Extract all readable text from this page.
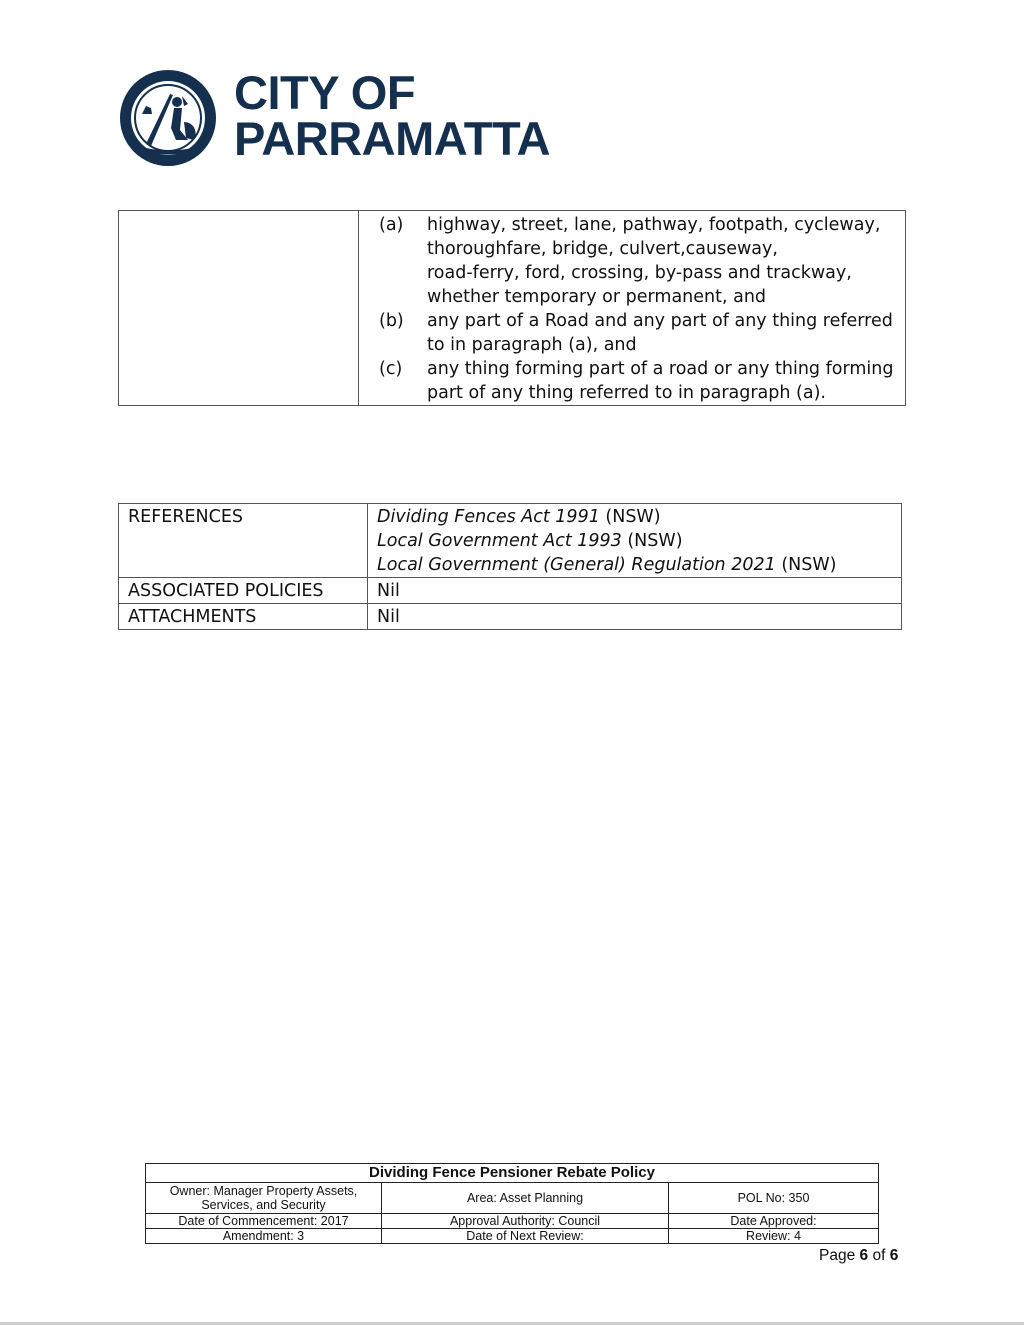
CITY OF
PARRAMATTA

(a)	highway, street, lane, pathway, footpath, cycleway,
thoroughfare, bridge, culvert,causeway,
road-ferry, ford, crossing, by-pass and trackway,
whether temporary or permanent, and
(b)	any part of a Road and any part of any thing referred
to in paragraph (a), and
(c)	any thing forming part of a road or any thing forming
part of any thing referred to in paragraph (a).
REFERENCES	Dividing Fences Act 1991 (NSW)
Local Government Act 1993 (NSW)
Local Government (General) Regulation 2021 (NSW)

ASSOCIATED POLICIES	Nil
ATTACHMENTS	Nil
Dividing Fence Pensioner Rebate Policy		
Owner: Manager Property Assets, Services, and Security	Area: Asset Planning	POL No: 350
Date of Commencement: 2017	Approval Authority: Council	Date Approved:
Amendment: 3	Date of Next Review:	Review: 4
Page 6 of 6
